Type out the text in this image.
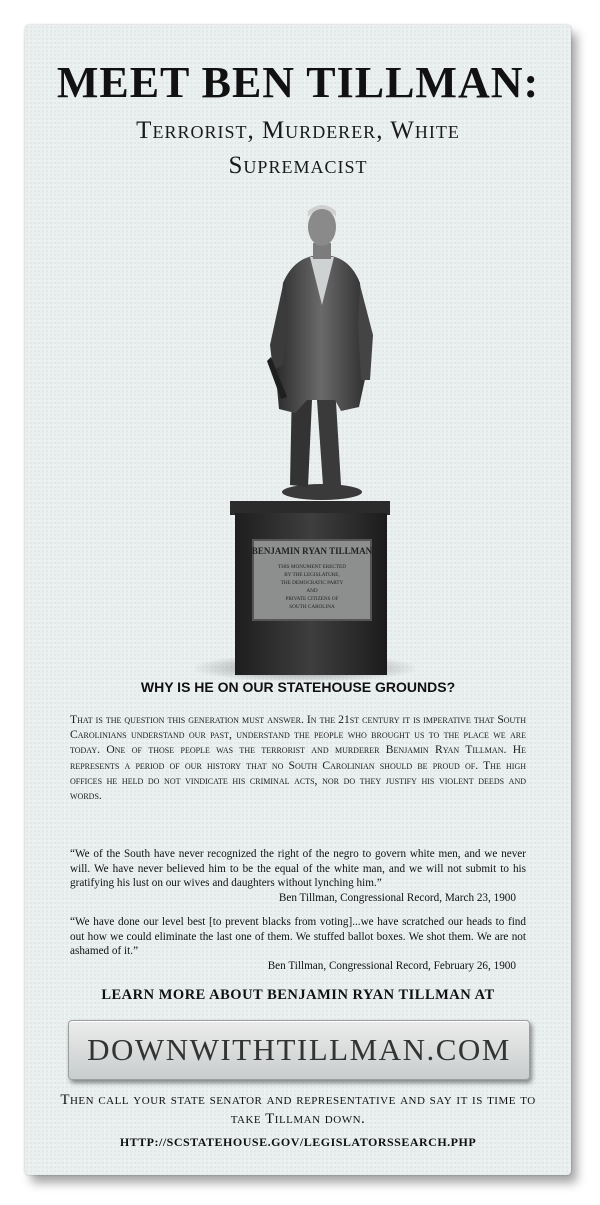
MEET BEN TILLMAN:
Terrorist, Murderer, White Supremacist
BENJAMIN RYAN TILLMAN
THIS MONUMENT ERECTED
BY THE LEGISLATURE,
THE DEMOCRATIC PARTY
AND
PRIVATE CITIZENS OF
SOUTH CAROLINA
WHY IS HE ON OUR STATEHOUSE GROUNDS?
That is the question this generation must answer. In the 21st century it is imperative that South Carolinians understand our past, understand the people who brought us to the place we are today. One of those people was the terrorist and murderer Benjamin Ryan Tillman. He represents a period of our history that no South Carolinian should be proud of. The high offices he held do not vindicate his criminal acts, nor do they justify his violent deeds and words.
“We of the South have never recognized the right of the negro to govern white men, and we never will. We have never believed him to be the equal of the white man, and we will not submit to his gratifying his lust on our wives and daughters without lynching him.”
Ben Tillman, Congressional Record, March 23, 1900
“We have done our level best [to prevent blacks from voting]...we have scratched our heads to find out how we could eliminate the last one of them. We stuffed ballot boxes. We shot them. We are not ashamed of it.”
Ben Tillman, Congressional Record, February 26, 1900
LEARN MORE ABOUT BENJAMIN RYAN TILLMAN AT
DOWNWITHTILLMAN.COM
Then call your state senator and representative and say it is time to take Tillman down.
HTTP://SCSTATEHOUSE.GOV/LEGISLATORSSEARCH.PHP
